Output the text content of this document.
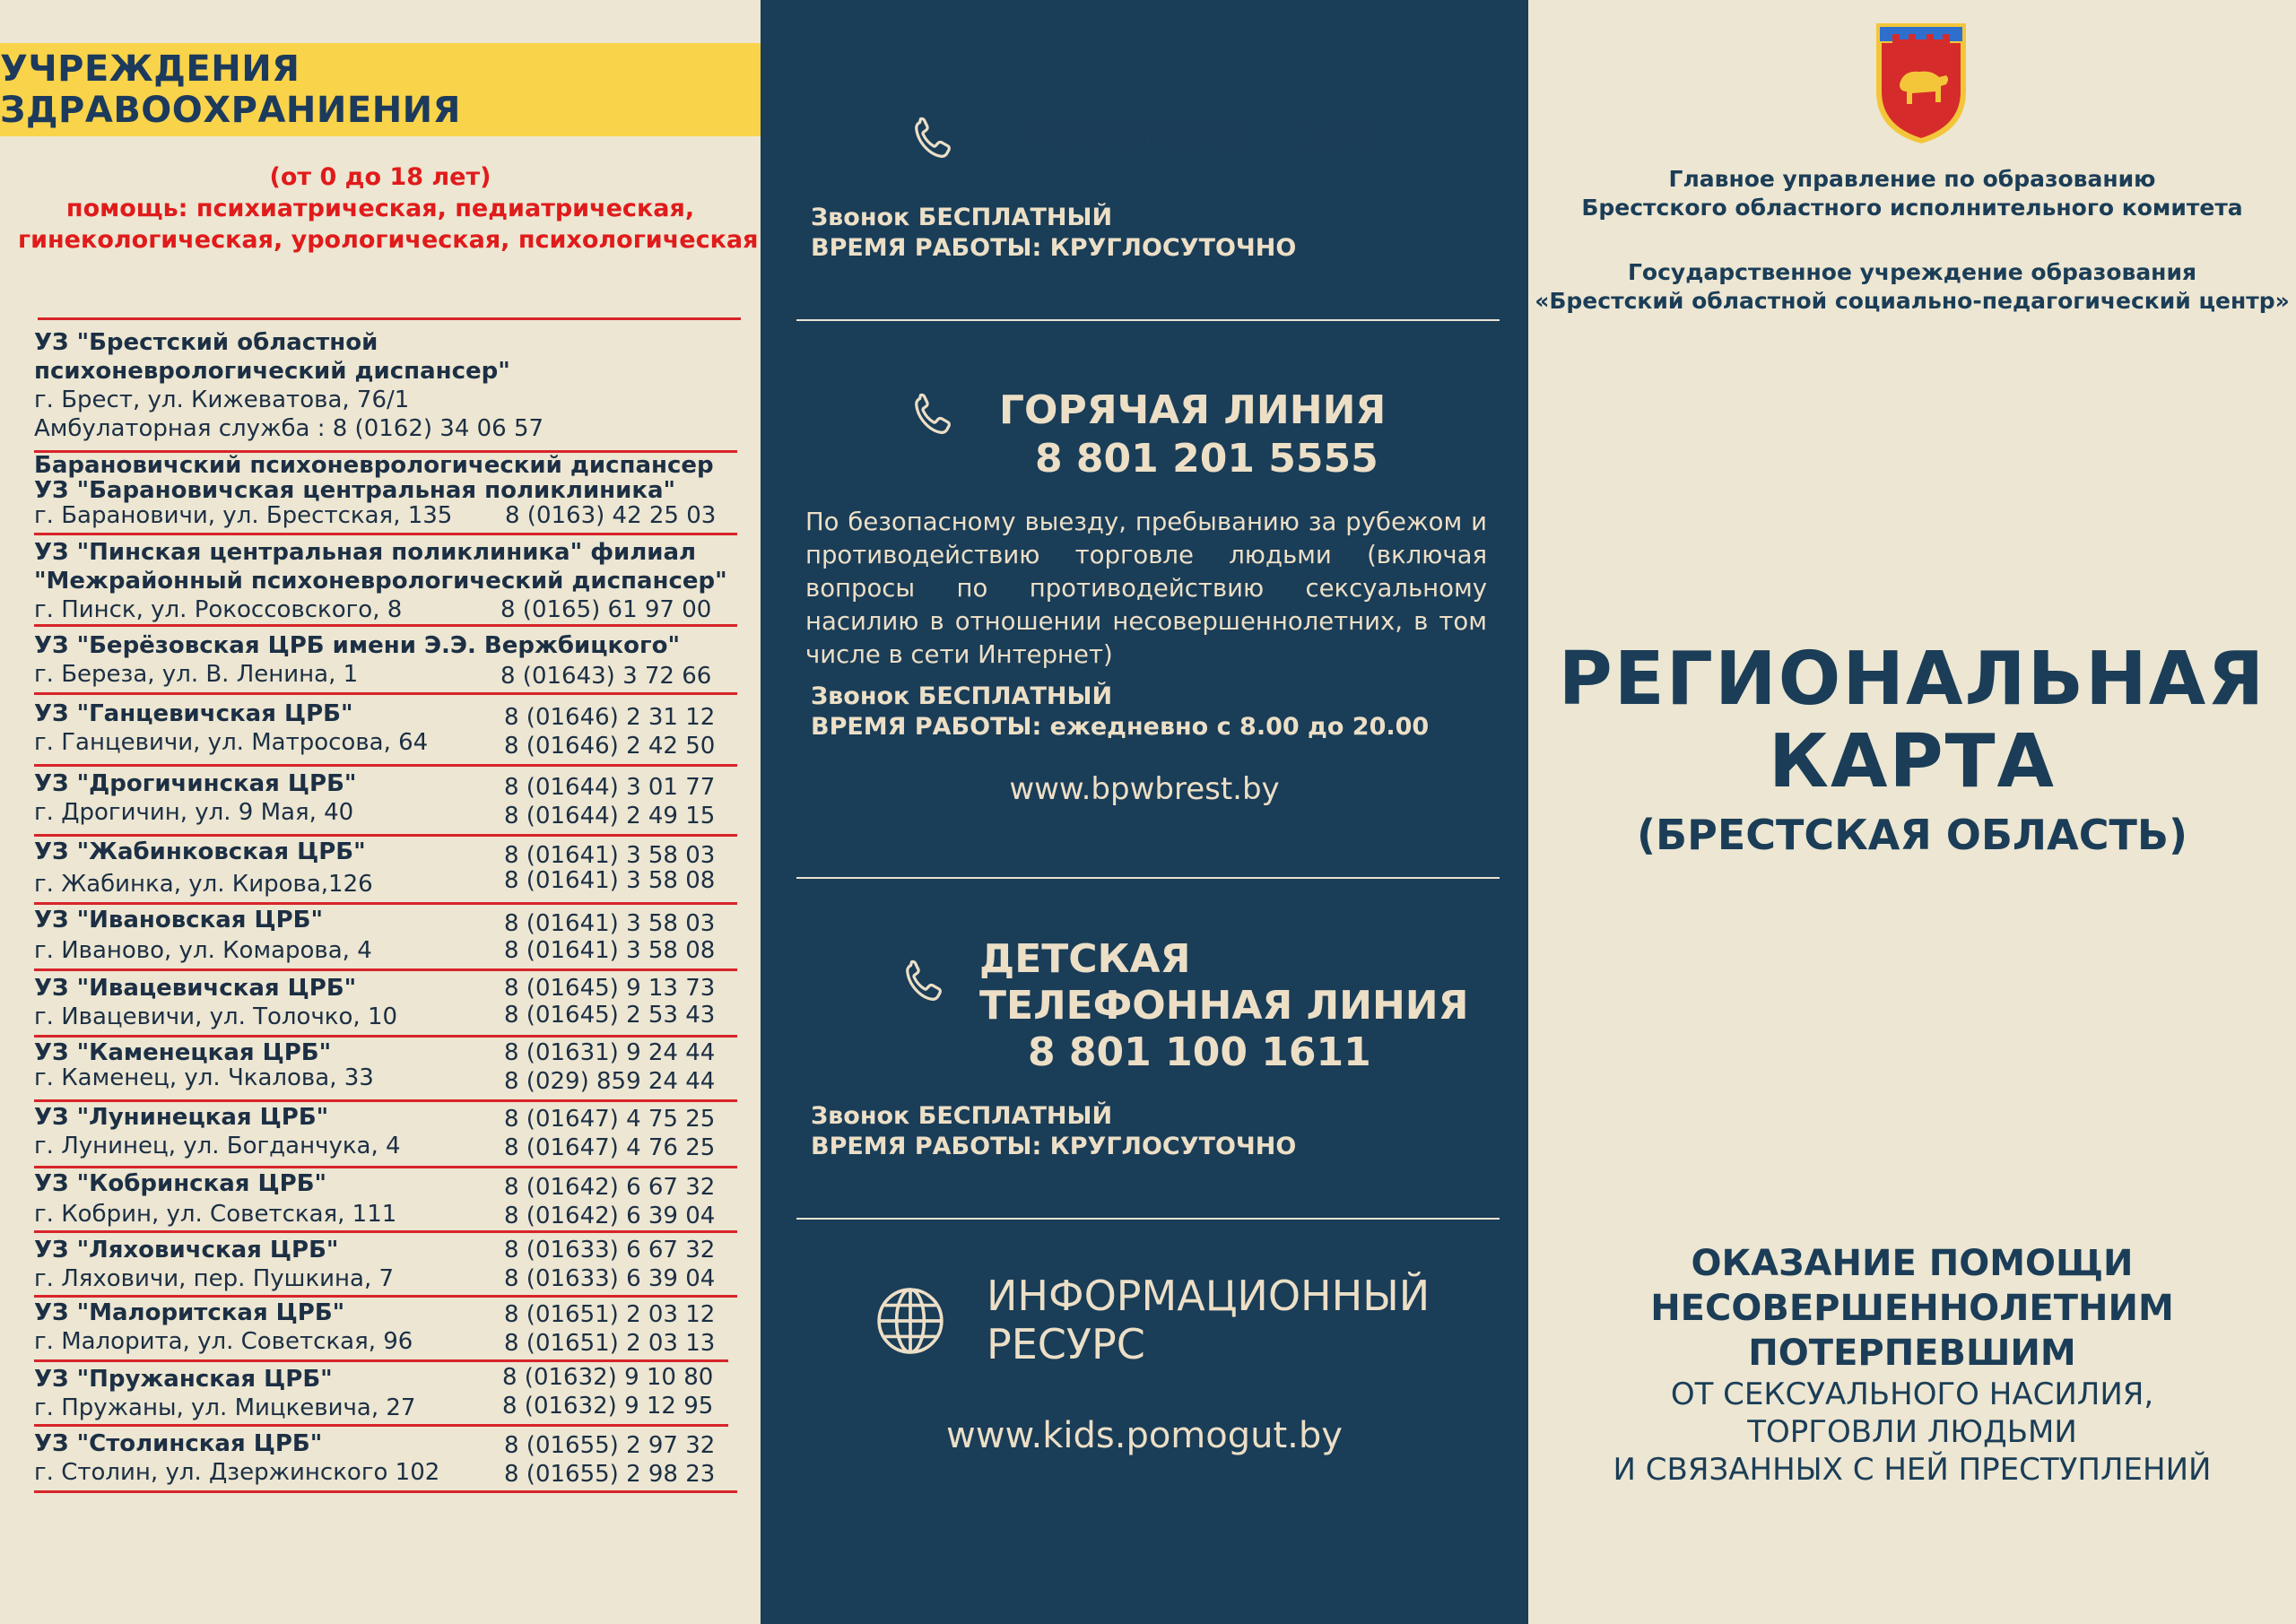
УЧРЕЖДЕНИЯ ЗДРАВООХРАНИЕНИЯ
(от 0 до 18 лет)
помощь: психиатрическая, педиатрическая,
гинекологическая, урологическая, психологическая
УЗ "Брестский областной
психоневрологический диспансер"
г. Брест, ул. Кижеватова, 76/1
Амбулаторная служба : 8 (0162) 34 06 57
Барановичский психоневрологический диспансер
УЗ "Барановичская центральная поликлиника"
г. Барановичи, ул. Брестская, 135 8 (0163) 42 25 03
УЗ "Пинская центральная поликлиника" филиал
"Межрайонный психоневрологический диспансер"
г. Пинск, ул. Рокоссовского, 8	8 (0165) 61 97 00
УЗ "Берёзовская ЦРБ имени Э.Э. Вержбицкого"
г. Береза, ул. В. Ленина, 1	8 (01643) 3 72 66
УЗ "Ганцевичская ЦРБ"	8 (01646) 2 31 12
г. Ганцевичи, ул. Матросова, 64	8 (01646) 2 42 50
УЗ "Дрогичинская ЦРБ"	8 (01644) 3 01 77
г. Дрогичин, ул. 9 Мая, 40	8 (01644) 2 49 15
УЗ "Жабинковская ЦРБ"	8 (01641) 3 58 03
г. Жабинка, ул. Кирова,126	8 (01641) 3 58 08
УЗ "Ивановская ЦРБ"	8 (01641) 3 58 03
г. Иваново, ул. Комарова, 4	8 (01641) 3 58 08
УЗ "Ивацевичская ЦРБ"	8 (01645) 9 13 73
г. Ивацевичи, ул. Толочко, 10	8 (01645) 2 53 43
УЗ "Каменецкая ЦРБ"	8 (01631) 9 24 44
г. Каменец, ул. Чкалова, 33	8 (029) 859 24 44
УЗ "Лунинецкая ЦРБ"	8 (01647) 4 75 25
г. Лунинец, ул. Богданчука, 4	8 (01647) 4 76 25
УЗ "Кобринская ЦРБ"	8 (01642) 6 67 32
г. Кобрин, ул. Советская, 111	8 (01642) 6 39 04
УЗ "Ляховичская ЦРБ"	8 (01633) 6 67 32
г. Ляховичи, пер. Пушкина, 7	8 (01633) 6 39 04
УЗ "Малоритская ЦРБ"	8 (01651) 2 03 12
г. Малорита, ул. Советская, 96	8 (01651) 2 03 13
УЗ "Пружанская ЦРБ"	8 (01632) 9 10 80
г. Пружаны, ул. Мицкевича, 27	8 (01632) 9 12 95
УЗ "Столинская ЦРБ"	8 (01655) 2 97 32
г. Столин, ул. Дзержинского 102	8 (01655) 2 98 23
МИЛИЦИЯ 102
Звонок БЕСПЛАТНЫЙ
ВРЕМЯ РАБОТЫ: КРУГЛОСУТОЧНО
ГОРЯЧАЯ ЛИНИЯ
8 801 201 5555
По безопасному выезду, пребыванию за рубежом и противодействию торговле людьми (включая вопросы по противодействию сексуальному насилию в отношении несовершеннолетних, в том числе в сети Интернет)
Звонок БЕСПЛАТНЫЙ
ВРЕМЯ РАБОТЫ: ежедневно с 8.00 до 20.00
www.bpwbrest.by
ДЕТСКАЯ
ТЕЛЕФОННАЯ ЛИНИЯ
8 801 100 1611
Звонок БЕСПЛАТНЫЙ
ВРЕМЯ РАБОТЫ: КРУГЛОСУТОЧНО
ИНФОРМАЦИОННЫЙ
РЕСУРС
www.kids.pomogut.by
Главное управление по образованию
Брестского областного исполнительного комитета
Государственное учреждение образования
«Брестский областной социально-педагогический центр»
РЕГИОНАЛЬНАЯ
КАРТА
(БРЕСТСКАЯ ОБЛАСТЬ)
ОКАЗАНИЕ ПОМОЩИ
НЕСОВЕРШЕННОЛЕТНИМ
ПОТЕРПЕВШИМ
ОТ СЕКСУАЛЬНОГО НАСИЛИЯ,
ТОРГОВЛИ ЛЮДЬМИ
И СВЯЗАННЫХ С НЕЙ ПРЕСТУПЛЕНИЙ
